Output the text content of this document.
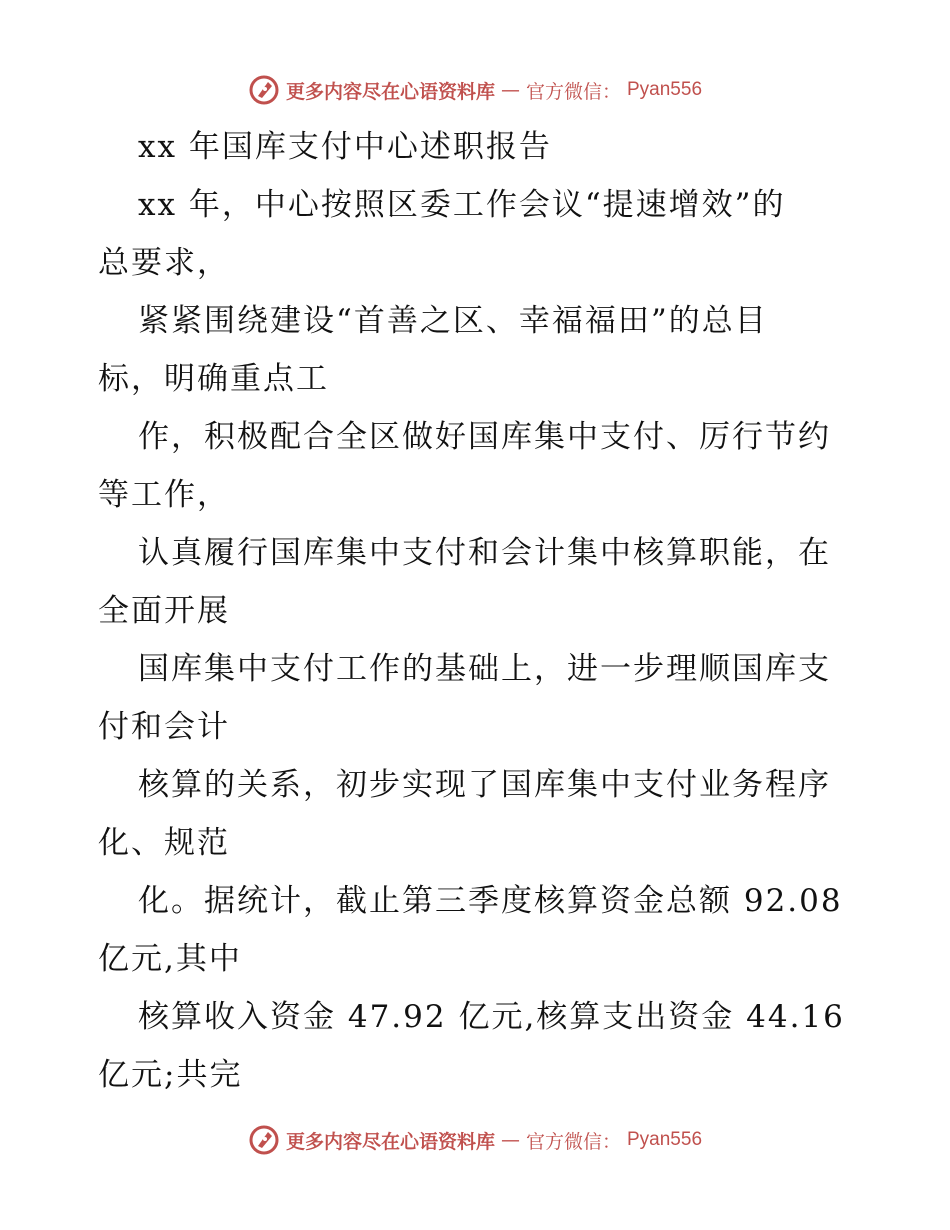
更多内容尽在心语资料库 — 官方微信： Pyan556
xx 年国库支付中心述职报告
xx 年，中心按照区委工作会议“提速增效”的
总要求，
紧紧围绕建设“首善之区、幸福福田”的总目
标，明确重点工
作，积极配合全区做好国库集中支付、厉行节约
等工作，
认真履行国库集中支付和会计集中核算职能，在
全面开展
国库集中支付工作的基础上，进一步理顺国库支
付和会计
核算的关系，初步实现了国库集中支付业务程序
化、规范
化。据统计，截止第三季度核算资金总额 92.08
亿元,其中
核算收入资金 47.92 亿元,核算支出资金 44.16
亿元;共完
更多内容尽在心语资料库 — 官方微信： Pyan556
